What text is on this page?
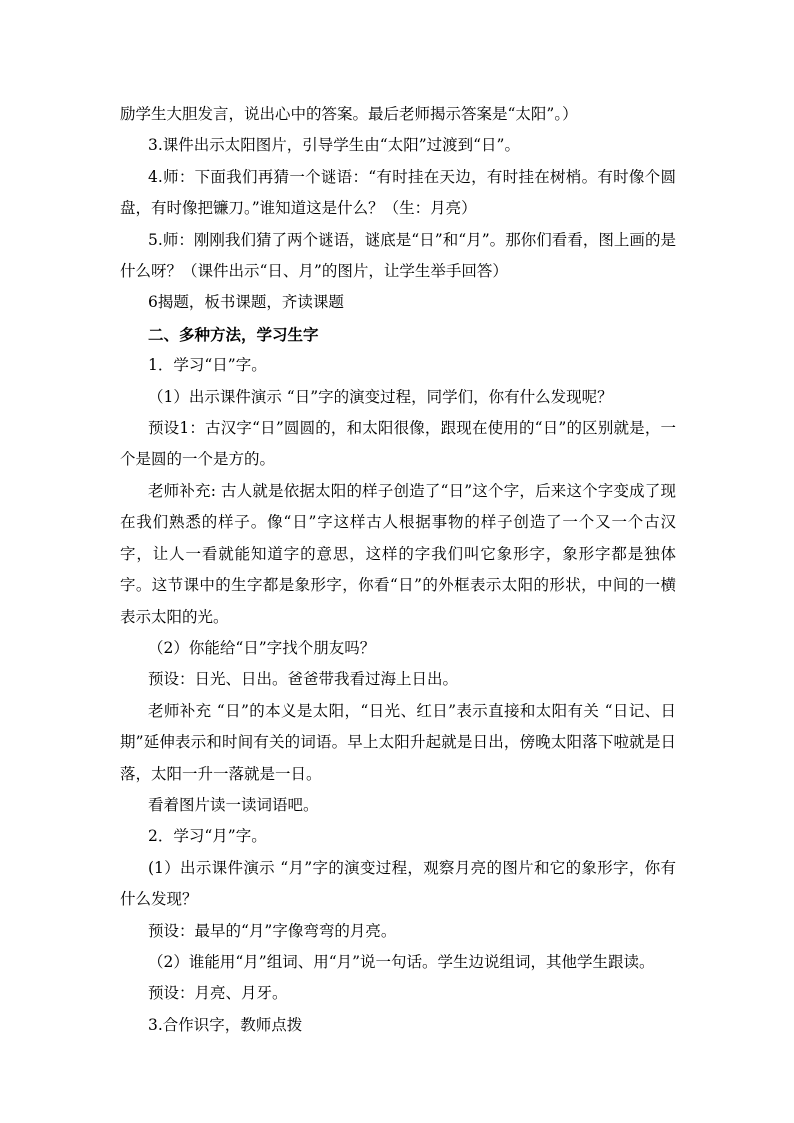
励学生大胆发言，说出心中的答案。最后老师揭示答案是“太阳”。）

3.课件出示太阳图片，引导学生由“太阳”过渡到“日”。

4.师：下面我们再猜一个谜语：“有时挂在天边，有时挂在树梢。有时像个圆盘，有时像把镰刀。”谁知道这是什么？（生：月亮）

5.师：刚刚我们猜了两个谜语，谜底是“日”和“月”。那你们看看，图上画的是什么呀？（课件出示“日、月”的图片，让学生举手回答）

6揭题，板书课题，齐读课题

二、多种方法，学习生字

1．学习“日”字。

（1）出示课件演示 “日”字的演变过程，同学们，你有什么发现呢？

预设1：古汉字“日”圆圆的，和太阳很像，跟现在使用的“日”的区别就是，一个是圆的一个是方的。

老师补充: 古人就是依据太阳的样子创造了“日”这个字，后来这个字变成了现在我们熟悉的样子。像“日”字这样古人根据事物的样子创造了一个又一个古汉字，让人一看就能知道字的意思，这样的字我们叫它象形字，象形字都是独体字。这节课中的生字都是象形字，你看“日”的外框表示太阳的形状，中间的一横表示太阳的光。

（2）你能给“日”字找个朋友吗？

预设：日光、日出。爸爸带我看过海上日出。

老师补充 “日”的本义是太阳，“日光、红日”表示直接和太阳有关 “日记、日期”延伸表示和时间有关的词语。早上太阳升起就是日出，傍晚太阳落下啦就是日落，太阳一升一落就是一日。

看着图片读一读词语吧。

2．学习“月”字。

(1）出示课件演示 “月”字的演变过程，观察月亮的图片和它的象形字，你有什么发现？

预设：最早的“月”字像弯弯的月亮。

（2）谁能用“月”组词、用“月”说一句话。学生边说组词，其他学生跟读。

预设：月亮、月牙。

3.合作识字，教师点拨
